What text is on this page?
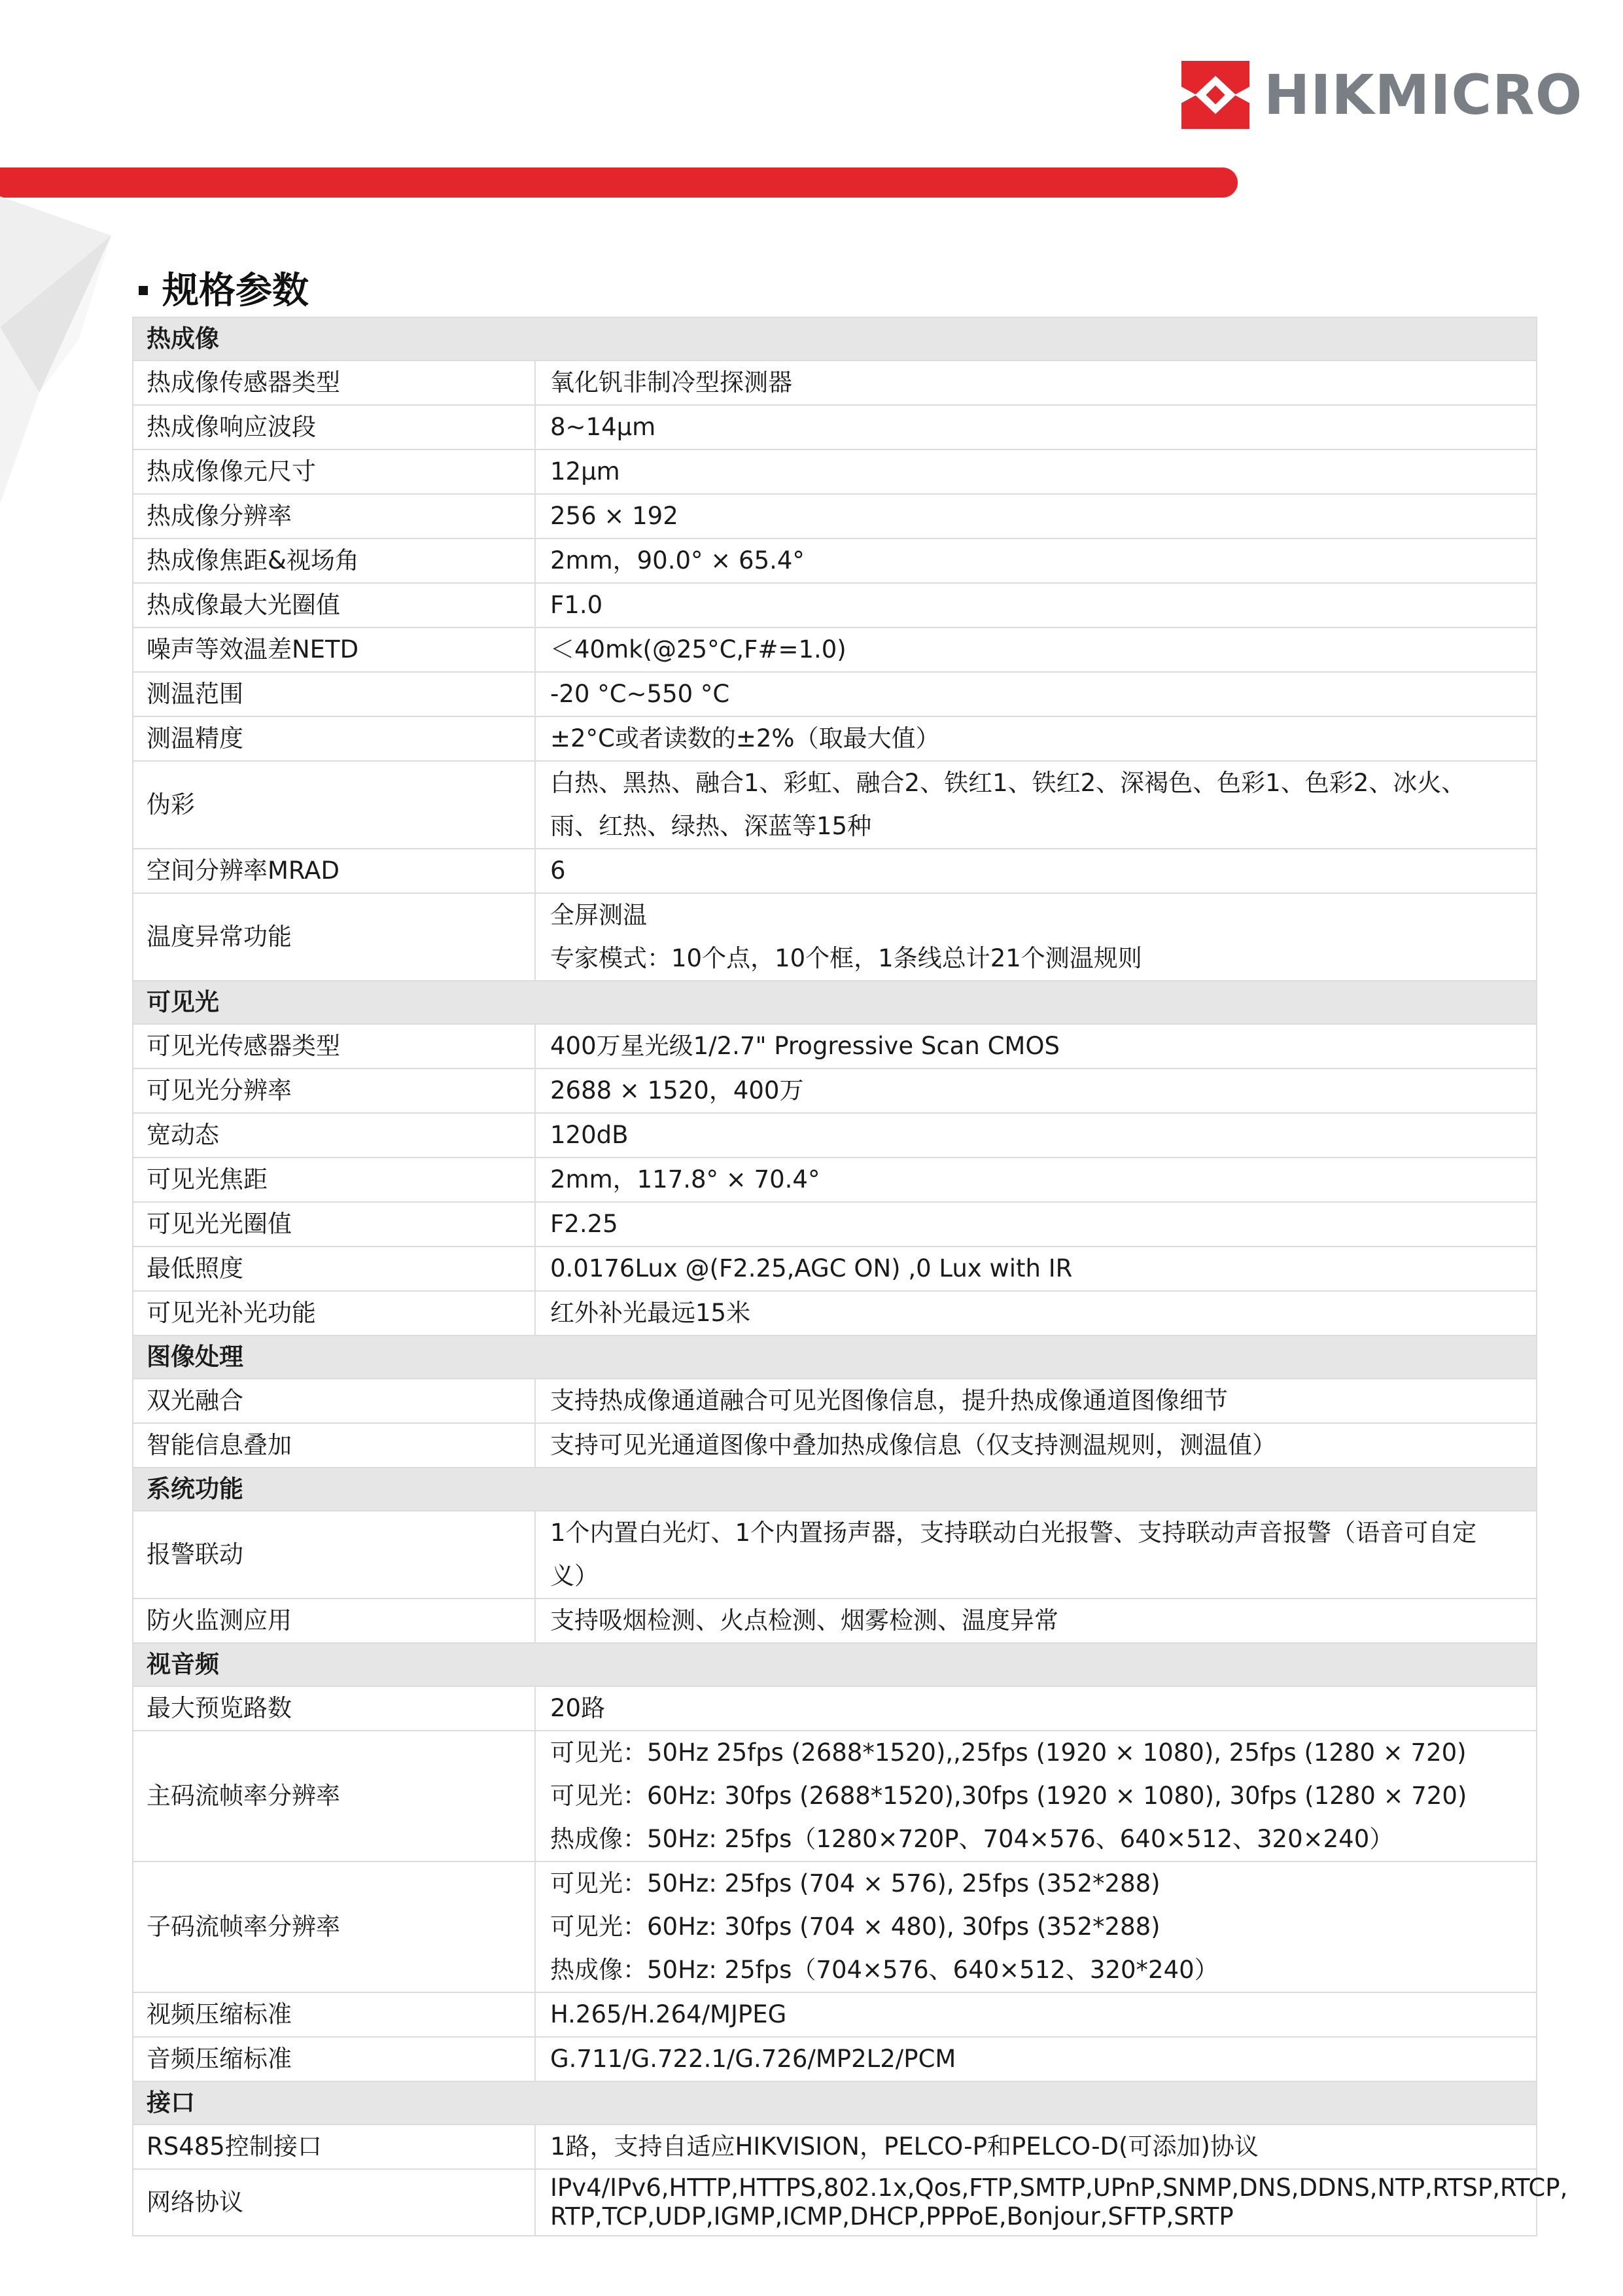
HIKMICRO
规格参数
热成像	
热成像传感器类型	氧化钒非制冷型探测器

热成像响应波段	8~14μm

热成像像元尺寸	12μm

热成像分辨率	256 × 192

热成像焦距&视场角	2mm，90.0° × 65.4°

热成像最大光圈值	F1.0

噪声等效温差NETD	＜40mk(@25°C,F#=1.0)

测温范围	-20 °C~550 °C

测温精度	±2°C或者读数的±2%（取最大值）

伪彩	白热、黑热、融合1、彩虹、融合2、铁红1、铁红2、深褐色、色彩1、色彩2、冰火、
雨、红热、绿热、深蓝等15种

空间分辨率MRAD	6

温度异常功能	全屏测温
专家模式：10个点，10个框，1条线总计21个测温规则

可见光	
可见光传感器类型	400万星光级1/2.7" Progressive Scan CMOS

可见光分辨率	2688 × 1520，400万

宽动态	120dB

可见光焦距	2mm，117.8° × 70.4°

可见光光圈值	F2.25

最低照度	0.0176Lux @(F2.25,AGC ON) ,0 Lux with IR

可见光补光功能	红外补光最远15米

图像处理	
双光融合	支持热成像通道融合可见光图像信息，提升热成像通道图像细节

智能信息叠加	支持可见光通道图像中叠加热成像信息（仅支持测温规则，测温值）

系统功能	
报警联动	1个内置白光灯、1个内置扬声器，支持联动白光报警、支持联动声音报警（语音可自定
义）

防火监测应用	支持吸烟检测、火点检测、烟雾检测、温度异常

视音频	
最大预览路数	20路

主码流帧率分辨率	可见光：50Hz 25fps (2688*1520),,25fps (1920 × 1080), 25fps (1280 × 720)
可见光：60Hz: 30fps (2688*1520),30fps (1920 × 1080), 30fps (1280 × 720)
热成像：50Hz: 25fps（1280×720P、704×576、640×512、320×240）

子码流帧率分辨率	可见光：50Hz: 25fps (704 × 576), 25fps (352*288)
可见光：60Hz: 30fps (704 × 480), 30fps (352*288)
热成像：50Hz: 25fps（704×576、640×512、320*240）

视频压缩标准	H.265/H.264/MJPEG

音频压缩标准	G.711/G.722.1/G.726/MP2L2/PCM

接口	
RS485控制接口	1路，支持自适应HIKVISION，PELCO-P和PELCO-D(可添加)协议

网络协议	IPv4/IPv6,HTTP,HTTPS,802.1x,Qos,FTP,SMTP,UPnP,SNMP,DNS,DDNS,NTP,RTSP,RTCP,
RTP,TCP,UDP,IGMP,ICMP,DHCP,PPPoE,Bonjour,SFTP,SRTP
